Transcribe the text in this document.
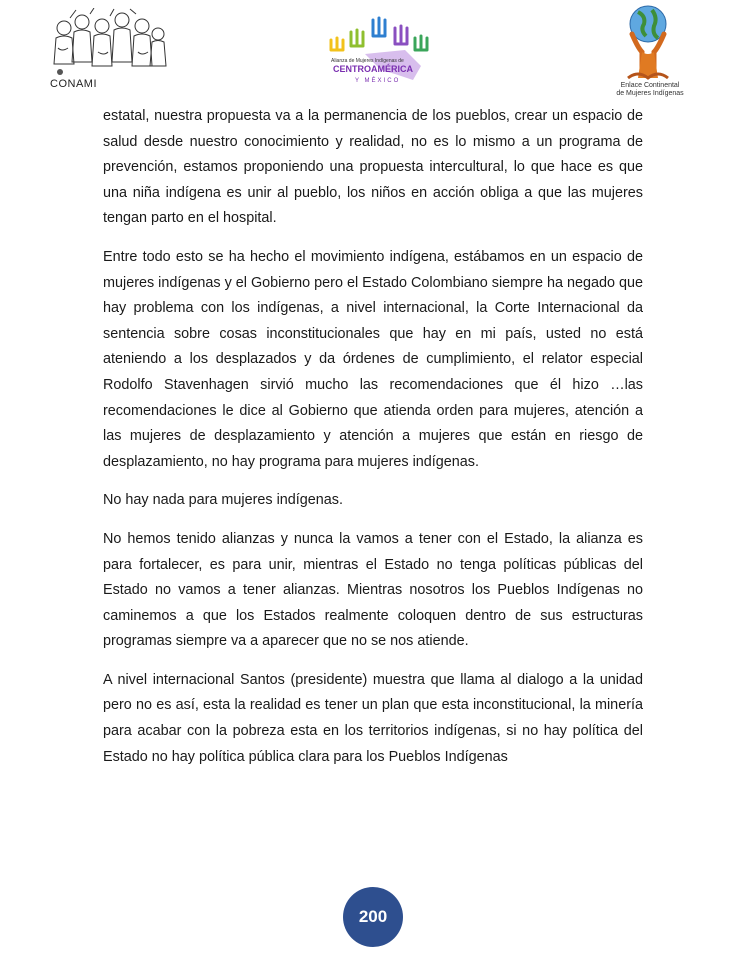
CONAMI
Alianza de Mujeres Indígenas de
CENTROAMÉRICA
Y MÉXICO
Enlace Continental
de Mujeres Indígenas

estatal, nuestra propuesta va a la permanencia de los pueblos, crear un espacio de salud desde nuestro conocimiento y realidad, no es lo mismo a un programa de prevención, estamos proponiendo una propuesta intercultural, lo que hace es que una niña indígena es unir al pueblo, los niños en acción obliga a que las mujeres tengan parto en el hospital.

Entre todo esto se ha hecho el movimiento indígena, estábamos en un espacio de mujeres indígenas y el Gobierno pero el Estado Colombiano siempre ha negado que hay problema con los indígenas, a nivel internacional, la Corte Internacional da sentencia sobre cosas inconstitucionales que hay en mi país, usted no está ateniendo a los desplazados y da órdenes de cumplimiento, el relator especial Rodolfo Stavenhagen sirvió mucho las recomendaciones que él hizo …las recomendaciones le dice al Gobierno que atienda orden para mujeres, atención a las mujeres de desplazamiento y atención a mujeres que están en riesgo de desplazamiento, no hay programa para mujeres indígenas.

No hay nada para mujeres indígenas.

No hemos tenido alianzas y nunca la vamos a tener con el Estado, la alianza es para fortalecer, es para unir, mientras el Estado no tenga políticas públicas del Estado no vamos a tener alianzas. Mientras nosotros los Pueblos Indígenas no caminemos a que los Estados realmente coloquen dentro de sus estructuras programas siempre va a aparecer que no se nos atiende.

A nivel internacional Santos (presidente) muestra que llama al dialogo a la unidad pero no es así, esta la realidad es tener un plan que esta inconstitucional, la minería para acabar con la pobreza esta en los territorios indígenas, si no hay política del Estado no hay política pública clara para los Pueblos Indígenas

200
